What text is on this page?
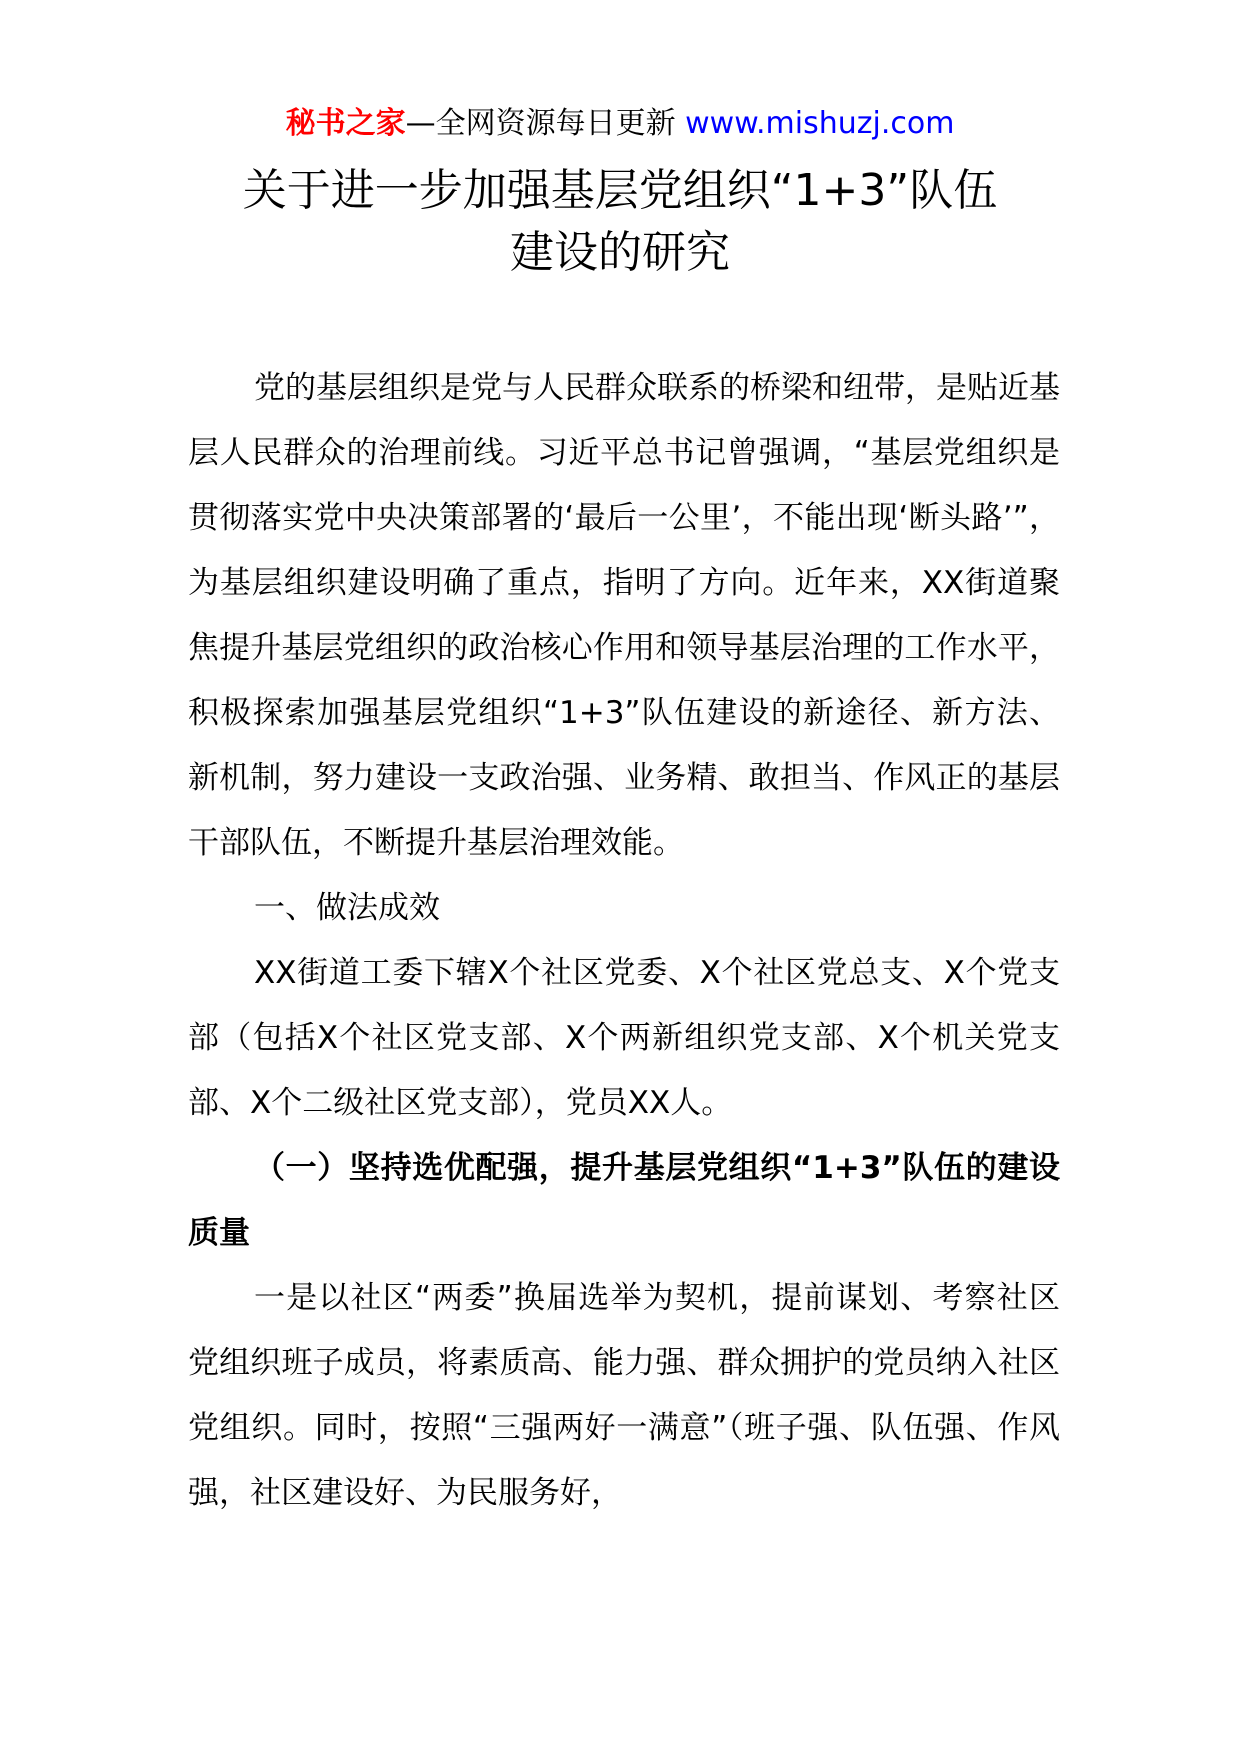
秘书之家—全网资源每日更新 www.mishuzj.com
关于进一步加强基层党组织“1+3”队伍
建设的研究

党的基层组织是党与人民群众联系的桥梁和纽带，是贴近基层人民群众的治理前线。习近平总书记曾强调，“基层党组织是贯彻落实党中央决策部署的‘最后一公里’，不能出现‘断头路’”，为基层组织建设明确了重点，指明了方向。近年来，XX街道聚焦提升基层党组织的政治核心作用和领导基层治理的工作水平，积极探索加强基层党组织“1+3”队伍建设的新途径、新方法、新机制，努力建设一支政治强、业务精、敢担当、作风正的基层干部队伍，不断提升基层治理效能。

一、做法成效

XX街道工委下辖X个社区党委、X个社区党总支、X个党支部（包括X个社区党支部、X个两新组织党支部、X个机关党支部、X个二级社区党支部），党员XX人。

（一）坚持选优配强，提升基层党组织“1+3”队伍的建设质量

一是以社区“两委”换届选举为契机，提前谋划、考察社区党组织班子成员，将素质高、能力强、群众拥护的党员纳入社区党组织。同时，按照“三强两好一满意”（班子强、队伍强、作风强，社区建设好、为民服务好，
